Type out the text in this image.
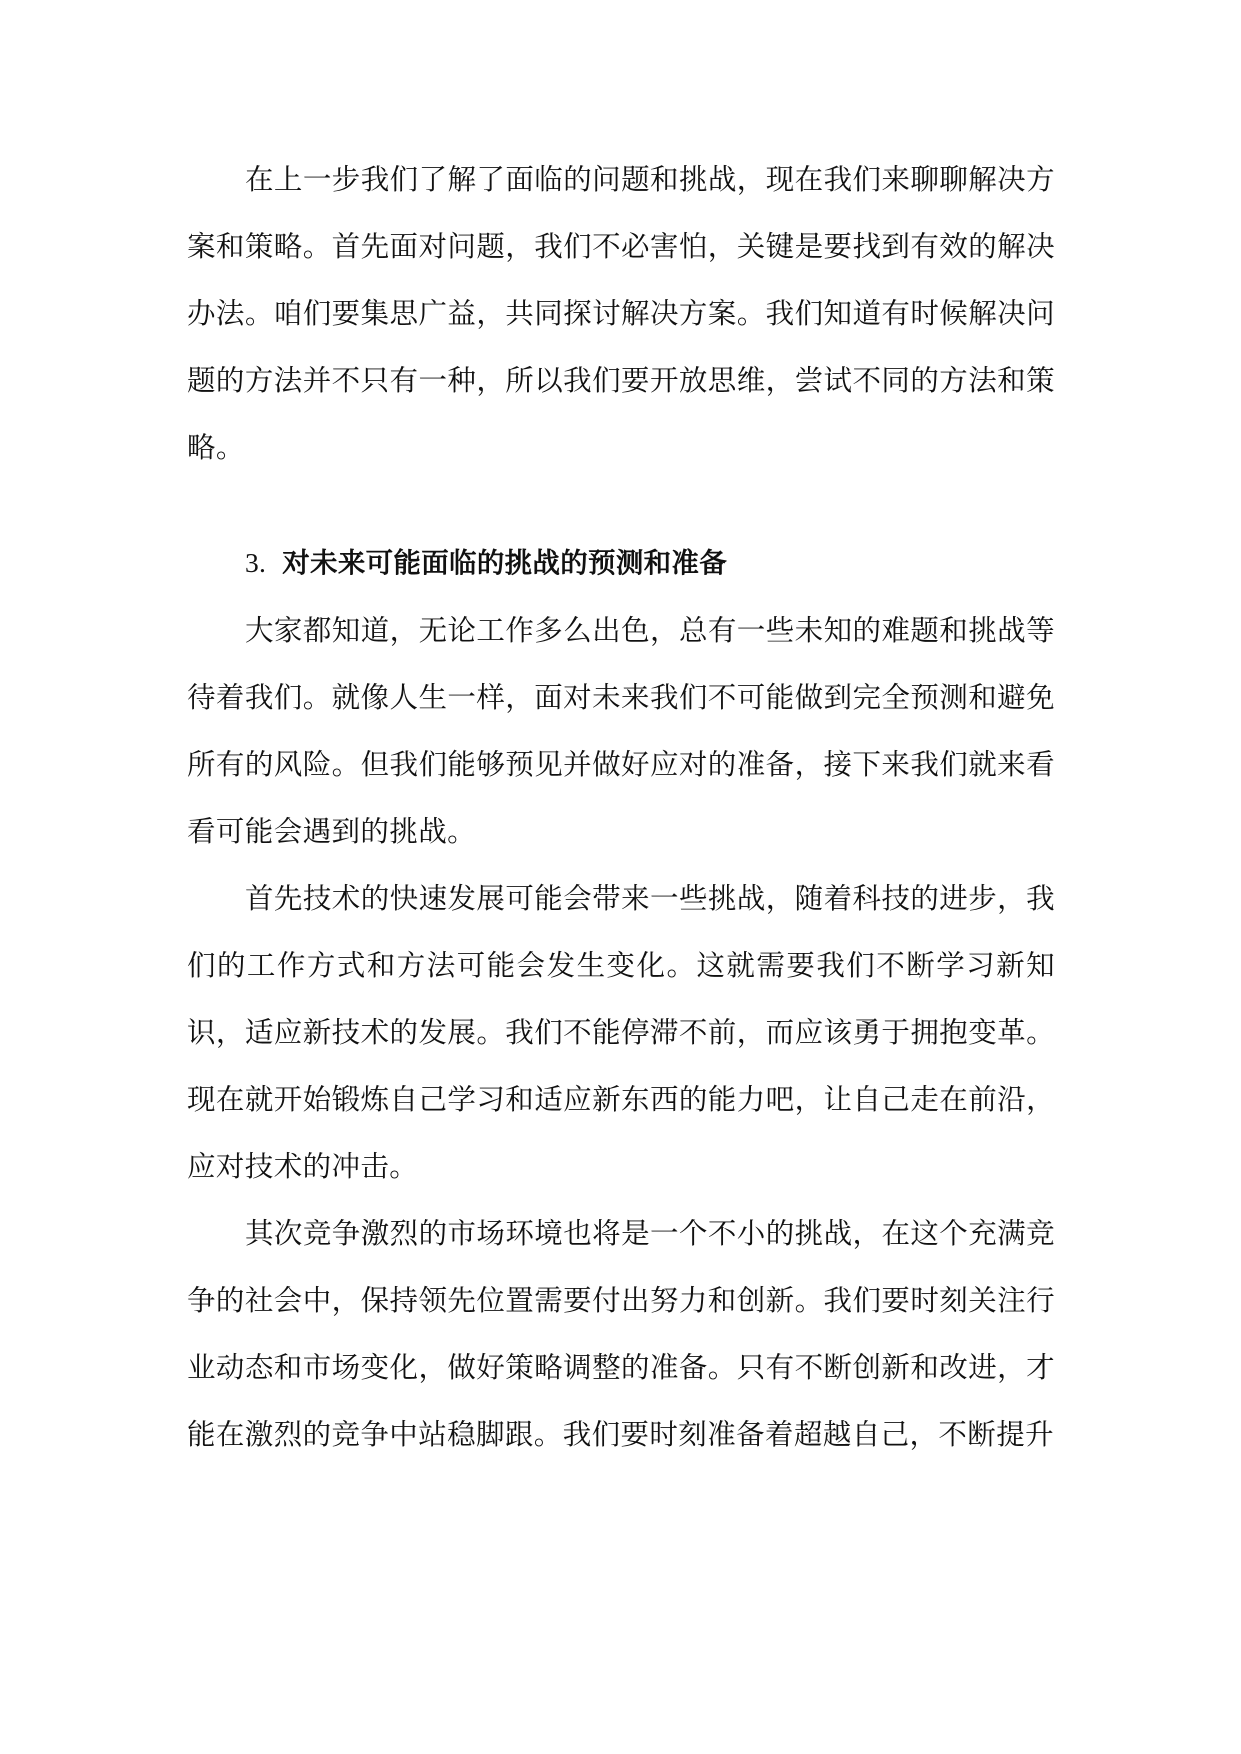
在上一步我们了解了面临的问题和挑战，现在我们来聊聊解决方案和策略。首先面对问题，我们不必害怕，关键是要找到有效的解决办法。咱们要集思广益，共同探讨解决方案。我们知道有时候解决问题的方法并不只有一种，所以我们要开放思维，尝试不同的方法和策略。

3. 对未来可能面临的挑战的预测和准备

大家都知道，无论工作多么出色，总有一些未知的难题和挑战等待着我们。就像人生一样，面对未来我们不可能做到完全预测和避免所有的风险。但我们能够预见并做好应对的准备，接下来我们就来看看可能会遇到的挑战。

首先技术的快速发展可能会带来一些挑战，随着科技的进步，我们的工作方式和方法可能会发生变化。这就需要我们不断学习新知识，适应新技术的发展。我们不能停滞不前，而应该勇于拥抱变革。现在就开始锻炼自己学习和适应新东西的能力吧，让自己走在前沿，应对技术的冲击。

其次竞争激烈的市场环境也将是一个不小的挑战，在这个充满竞争的社会中，保持领先位置需要付出努力和创新。我们要时刻关注行业动态和市场变化，做好策略调整的准备。只有不断创新和改进，才能在激烈的竞争中站稳脚跟。我们要时刻准备着超越自己，不断提升
